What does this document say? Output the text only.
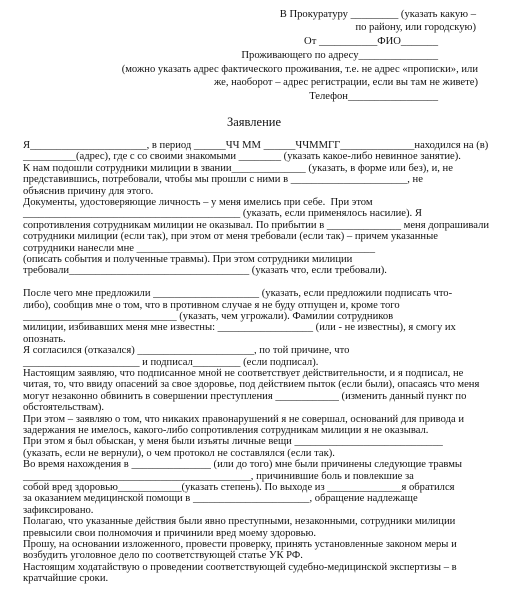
В Прокуратуру _________ (указать какую –
по району, или городскую)
От ___________ФИО_______
Проживающего по адресу_______________
(можно указать адрес фактического проживания, т.е. не адрес «прописки», или
же, наоборот – адрес регистрации, если вы там не живете)
Телефон_________________
Заявление
Я______________________, в период ______ЧЧ ММ ______ЧЧММГГ______________находился на (в)
__________(адрес), где с со своими знакомыми ________ (указать какое-либо невинное занятие).
К нам подошли сотрудники милиции в звании______________ (указать, в форме или без), и, не
представившись, потребовали, чтобы мы прошли с ними в ______________________, не
объяснив причину для этого.
Документы, удостоверяющие личность – у меня имелись при себе.  При этом
_________________________________________ (указать, если применялось насилие). Я
сопротивления сотрудникам милиции не оказывал. По прибытии в ______________ меня допрашивали
сотрудники милиции (если так), при этом от меня требовали (если так) – причем указанные
сотрудники нанесли мне _____________________________________________
(описать события и полученные травмы). При этом сотрудники милиции
требовали__________________________________ (указать что, если требовали).
После чего мне предложили ____________________ (указать, если предложили подписать что-
либо), сообщив мне о том, что в противном случае я не буду отпущен и, кроме того
_____________________________ (указать, чем угрожали). Фамилии сотрудников
милиции, избивавших меня мне известны: __________________ (или - не известны), я смогу их
опознать.
Я согласился (отказался) ______________________, по той причине, что
______________________ и подписал_________ (если подписал).
Настоящим заявляю, что подписанное мной не соответствует действительности, и я подписал, не
читая, то, что ввиду опасений за свое здоровье, под действием пыток (если были), опасаясь что меня
могут незаконно обвинить в совершении преступления ____________ (изменить данный пункт по
обстоятельствам).
При этом – заявляю о том, что никаких правонарушений я не совершал, оснований для привода и
задержания не имелось, какого-либо сопротивления сотрудникам милиции я не оказывал.
При этом я был обыскан, у меня были изъяты личные вещи ____________________________
(указать, если не вернули), о чем протокол не составлялся (если так).
Во время нахождения в _______________ (или до того) мне были причинены следующие травмы
___________________________________________, причинившие боль и повлекшие за
собой вред здоровью____________(указать степень). По выходе из ______________я обратился
за оказанием медицинской помощи в ______________________, обращение надлежаще
зафиксировано.
Полагаю, что указанные действия были явно преступными, незаконными, сотрудники милиции
превысили свои полномочия и причинили вред моему здоровью.
Прошу, на основании изложенного, провести проверку, принять установленные законом меры и
возбудить уголовное дело по соответствующей статье УК РФ.
Настоящим ходатайствую о проведении соответствующей судебно-медицинской экспертизы – в
кратчайшие сроки.
